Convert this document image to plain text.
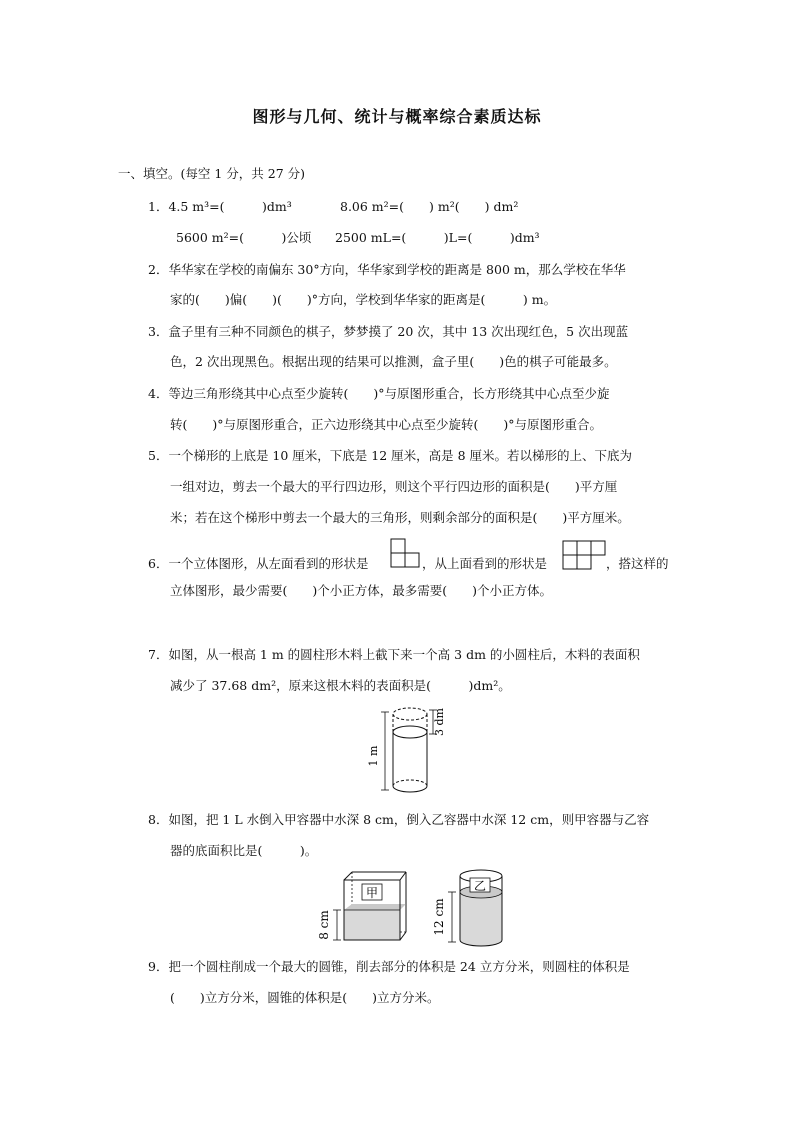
图形与几何、统计与概率综合素质达标
一、填空。(每空 1 分，共 27 分)
1．4.5 m³=(　　　)dm³	8.06 m²=(　　) m²(　　) dm²
5600 m²=(　　　)公顷 2500 mL=(　　　)L=(　　　)dm³
2．华华家在学校的南偏东 30°方向，华华家到学校的距离是 800 m，那么学校在华华
家的(　　)偏(　　)(　　)°方向，学校到华华家的距离是(　　　) m。
3．盒子里有三种不同颜色的棋子，梦梦摸了 20 次，其中 13 次出现红色，5 次出现蓝
色，2 次出现黑色。根据出现的结果可以推测，盒子里(　　)色的棋子可能最多。
4．等边三角形绕其中心点至少旋转(　　)°与原图形重合，长方形绕其中心点至少旋
转(　　)°与原图形重合，正六边形绕其中心点至少旋转(　　)°与原图形重合。
5．一个梯形的上底是 10 厘米，下底是 12 厘米，高是 8 厘米。若以梯形的上、下底为
一组对边，剪去一个最大的平行四边形，则这个平行四边形的面积是(　　)平方厘
米；若在这个梯形中剪去一个最大的三角形，则剩余部分的面积是(　　)平方厘米。
6．一个立体图形，从左面看到的形状是	，从上面看到的形状是	，搭这样的
立体图形，最少需要(　　)个小正方体，最多需要(　　)个小正方体。
7．如图，从一根高 1 m 的圆柱形木料上截下来一个高 3 dm 的小圆柱后，木料的表面积
减少了 37.68 dm²，原来这根木料的表面积是(　　　)dm²。
1 m
3 dm
8．如图，把 1 L 水倒入甲容器中水深 8 cm，倒入乙容器中水深 12 cm，则甲容器与乙容
器的底面积比是(　　　)。
甲
8 cm
乙
12 cm
9．把一个圆柱削成一个最大的圆锥，削去部分的体积是 24 立方分米，则圆柱的体积是
(　　)立方分米，圆锥的体积是(　　)立方分米。
